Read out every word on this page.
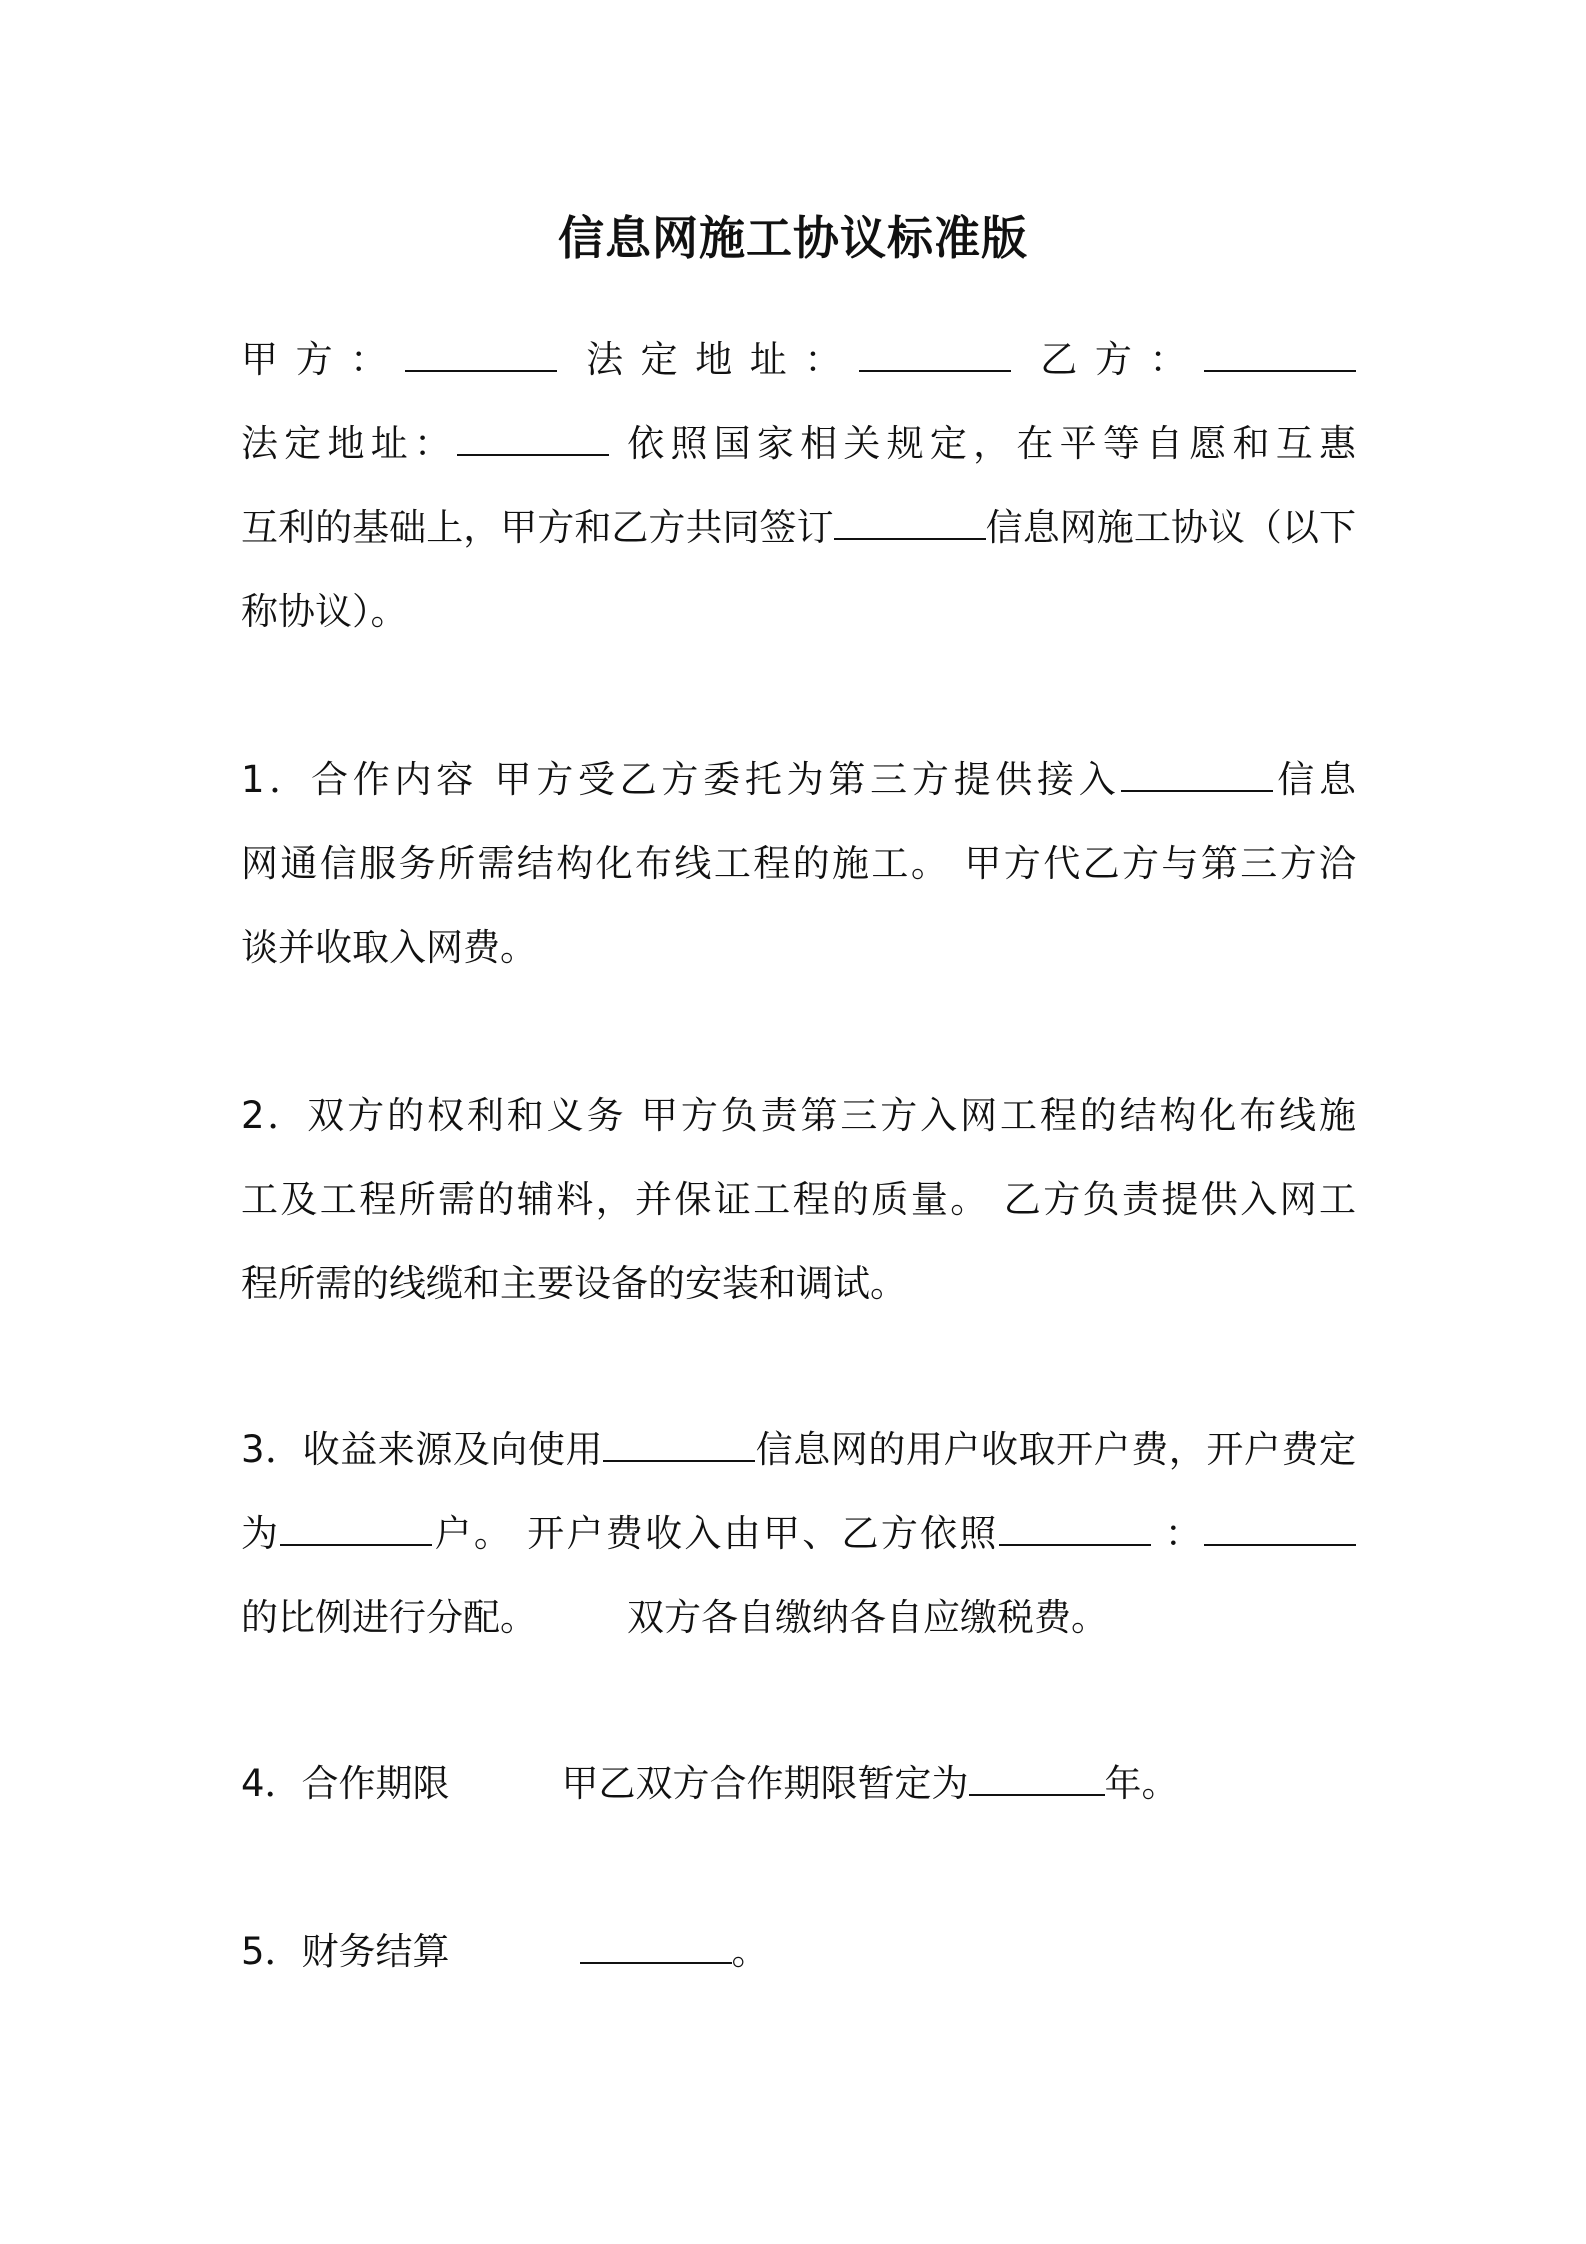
信息网施工协议标准版
甲方：	法定地址：	乙方：
法定地址：	依照国家相关规定，在平等自愿和互惠
互利的基础上，甲方和乙方共同签订	信息网施工协议（以下
称协议）。
1．合作内容 甲方受乙方委托为第三方提供接入	信息
网通信服务所需结构化布线工程的施工。 甲方代乙方与第三方洽
谈并收取入网费。
2．双方的权利和义务 甲方负责第三方入网工程的结构化布线施
工及工程所需的辅料，并保证工程的质量。 乙方负责提供入网工
程所需的线缆和主要设备的安装和调试。
3．收益来源及向使用	信息网的用户收取开户费，开户费定
为	户。 开户费收入由甲、乙方依照	：
的比例进行分配。 双方各自缴纳各自应缴税费。
4．合作期限	甲乙双方合作期限暂定为	年。
5．财务结算	。
